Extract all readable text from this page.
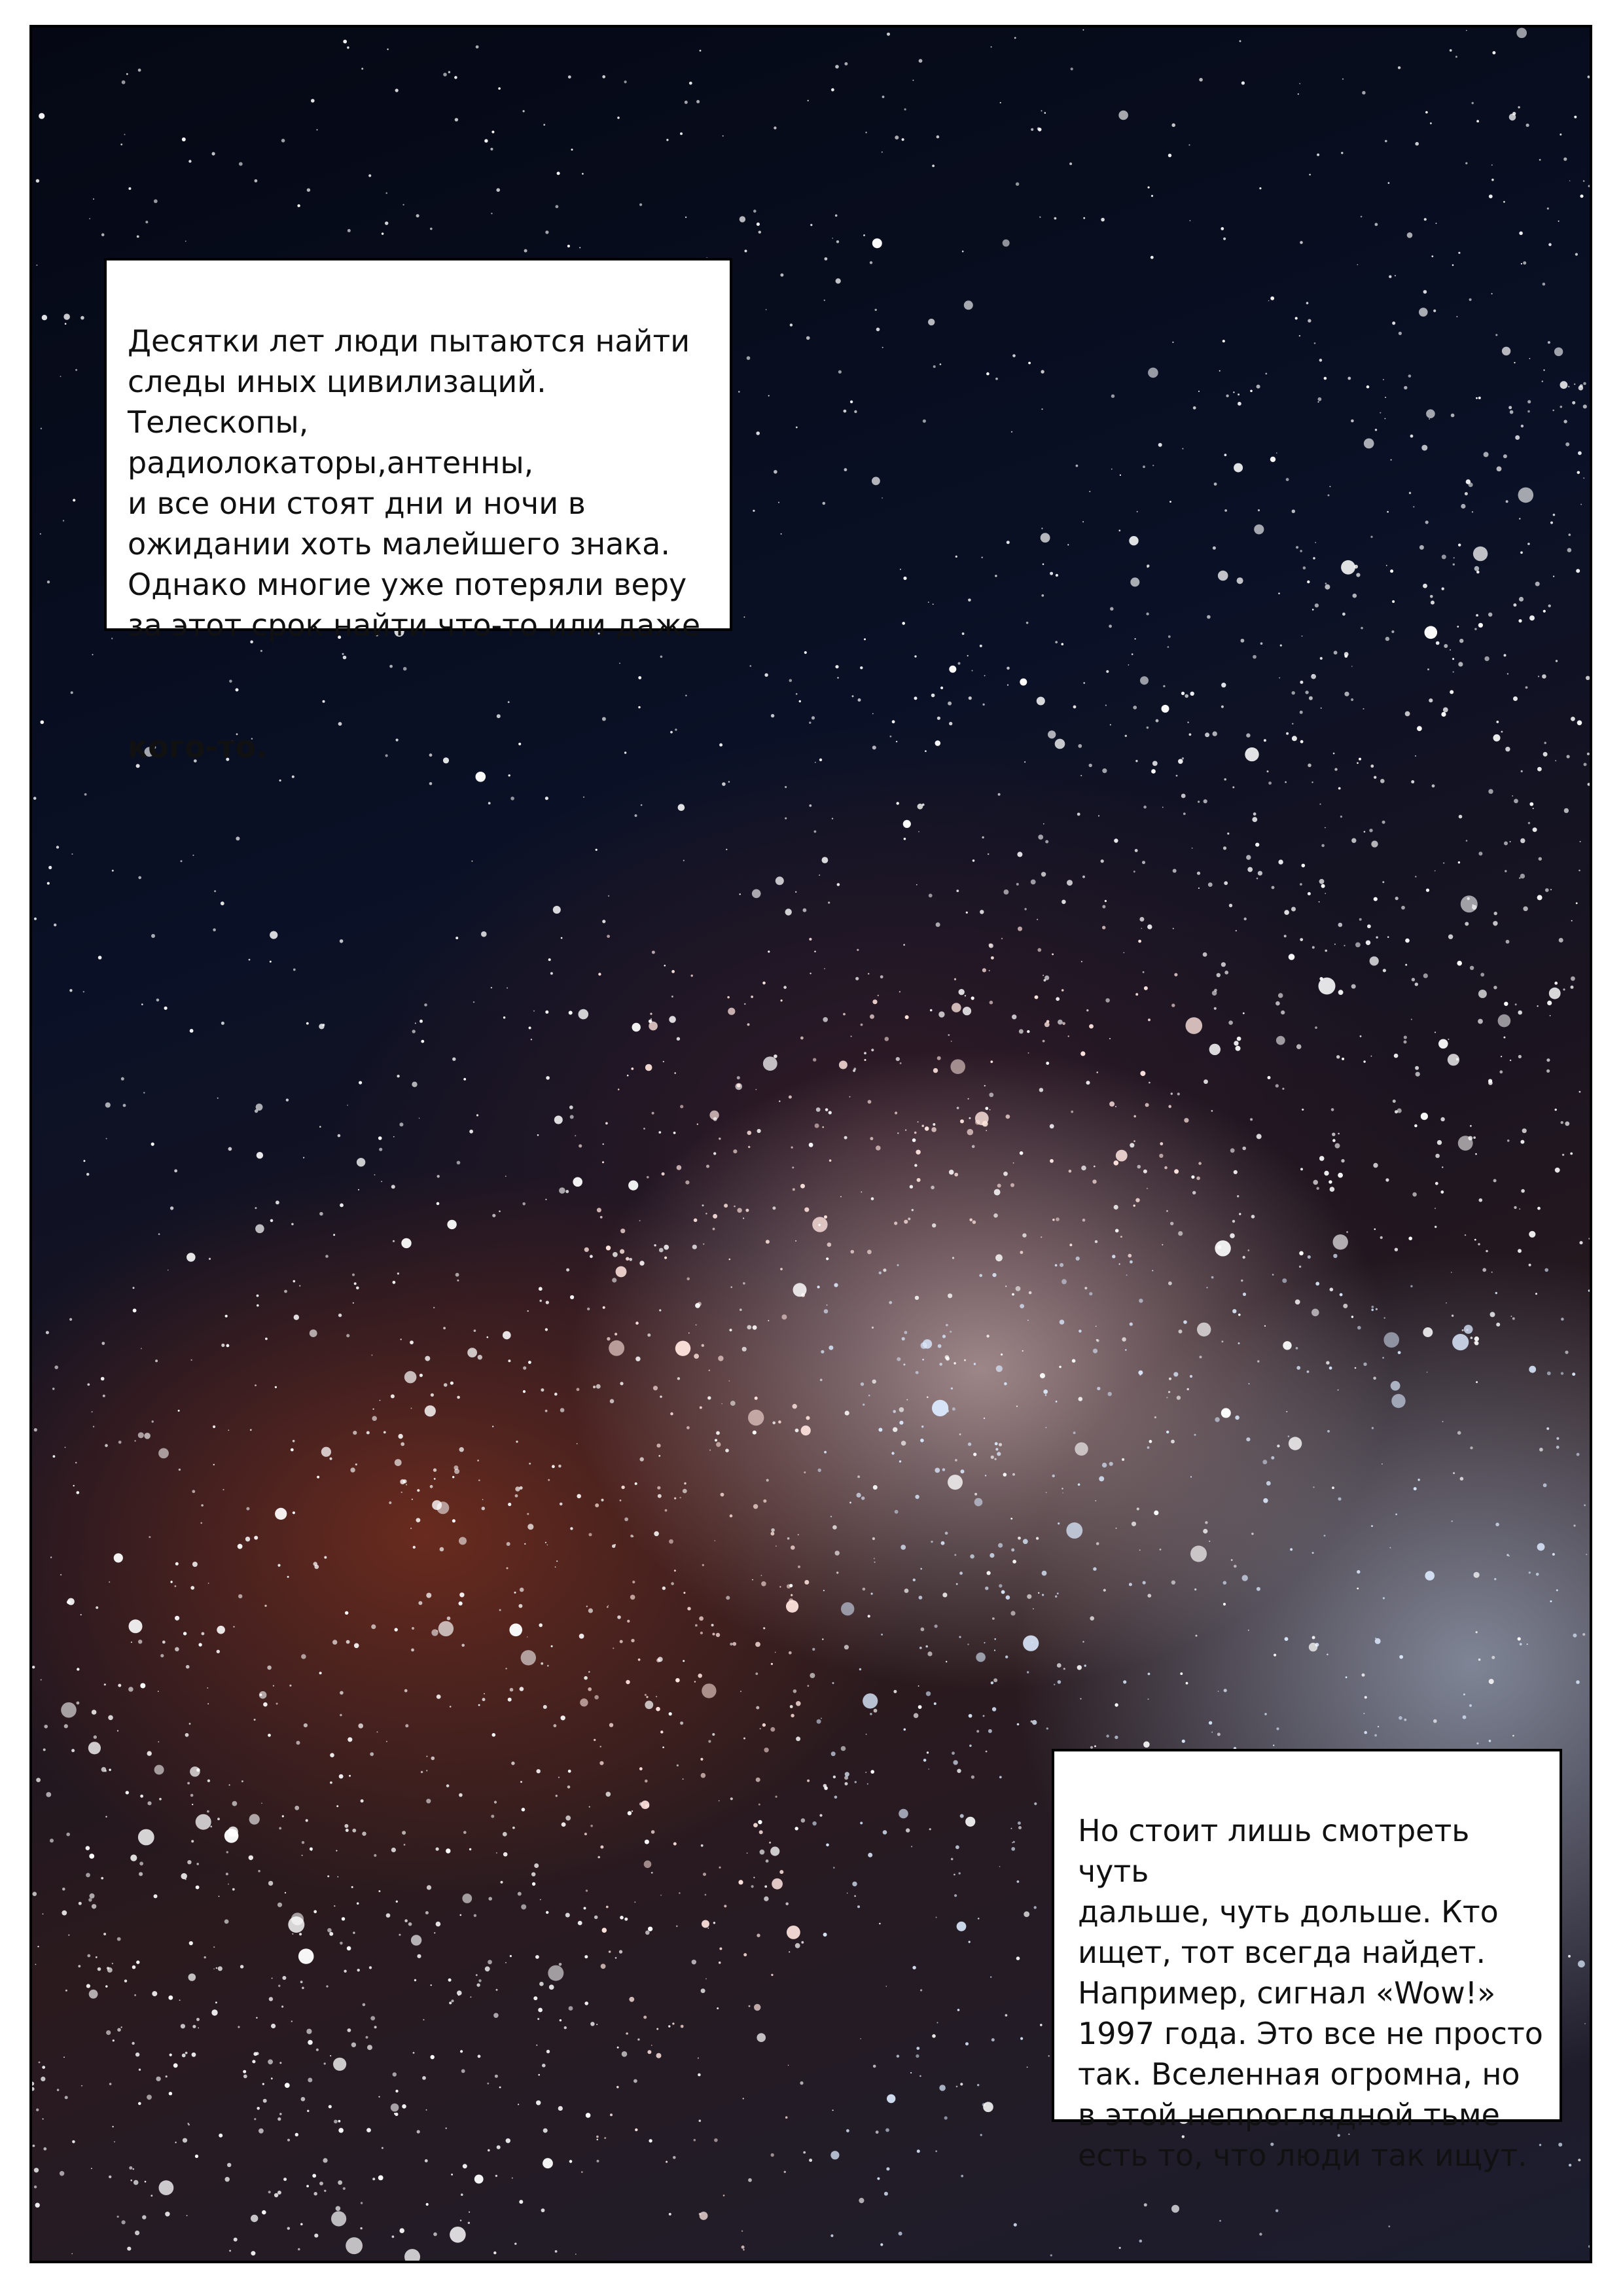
Десятки лет люди пытаются найти
следы иных цивилизаций.
Телескопы, радиолокаторы,антенны,
и все они стоят дни и ночи в
ожидании хоть малейшего знака.
Однако многие уже потеряли веру
за этот срок найти что-то или даже

кого-то.

Но стоит лишь смотреть чуть
дальше, чуть дольше. Кто
ищет, тот всегда найдет.
Например, сигнал «Wow!»
1997 года. Это все не просто
так. Вселенная огромна, но
в этой непроглядной тьме
есть то, что люди так ищут.
